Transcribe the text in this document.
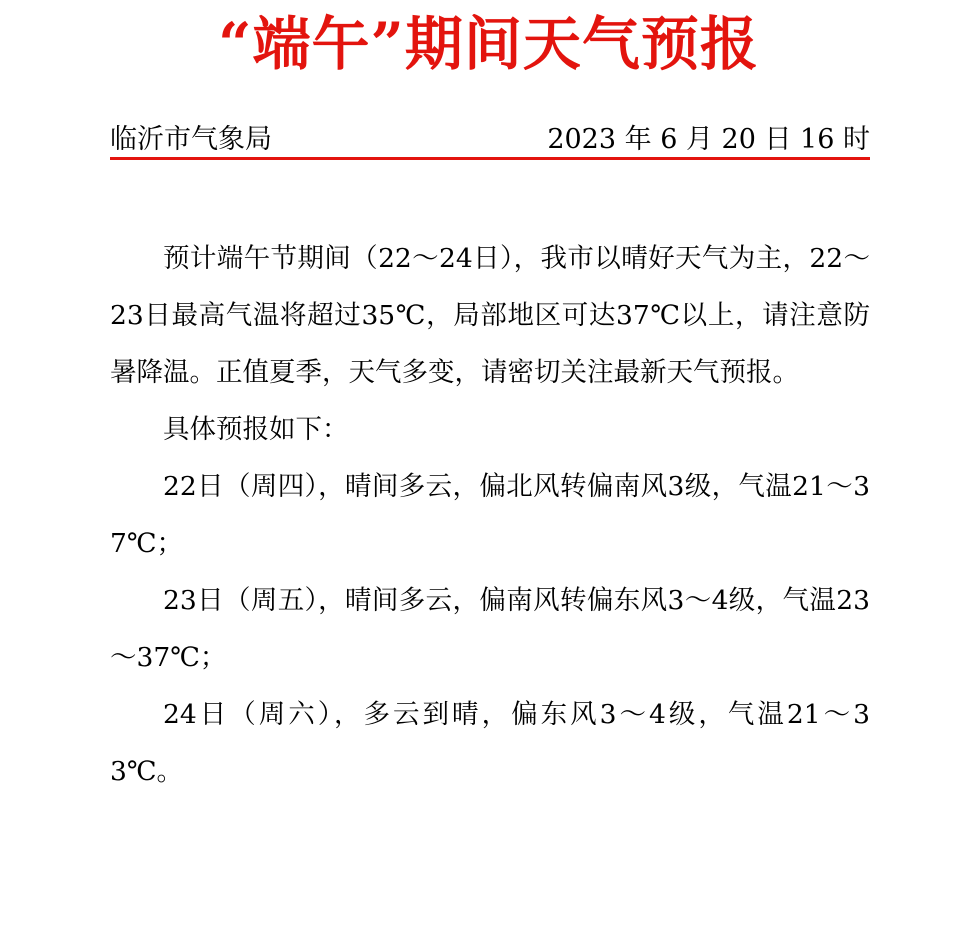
“端午”期间天气预报
临沂市气象局	2023 年 6 月 20 日 16 时

预计端午节期间（22～24日），我市以晴好天气为主，22～23日最高气温将超过35℃，局部地区可达37℃以上，请注意防暑降温。正值夏季，天气多变，请密切关注最新天气预报。

具体预报如下：

22日（周四），晴间多云，偏北风转偏南风3级，气温21～37℃；

23日（周五），晴间多云，偏南风转偏东风3～4级，气温23～37℃；

24日（周六），多云到晴，偏东风3～4级，气温21～33℃。
